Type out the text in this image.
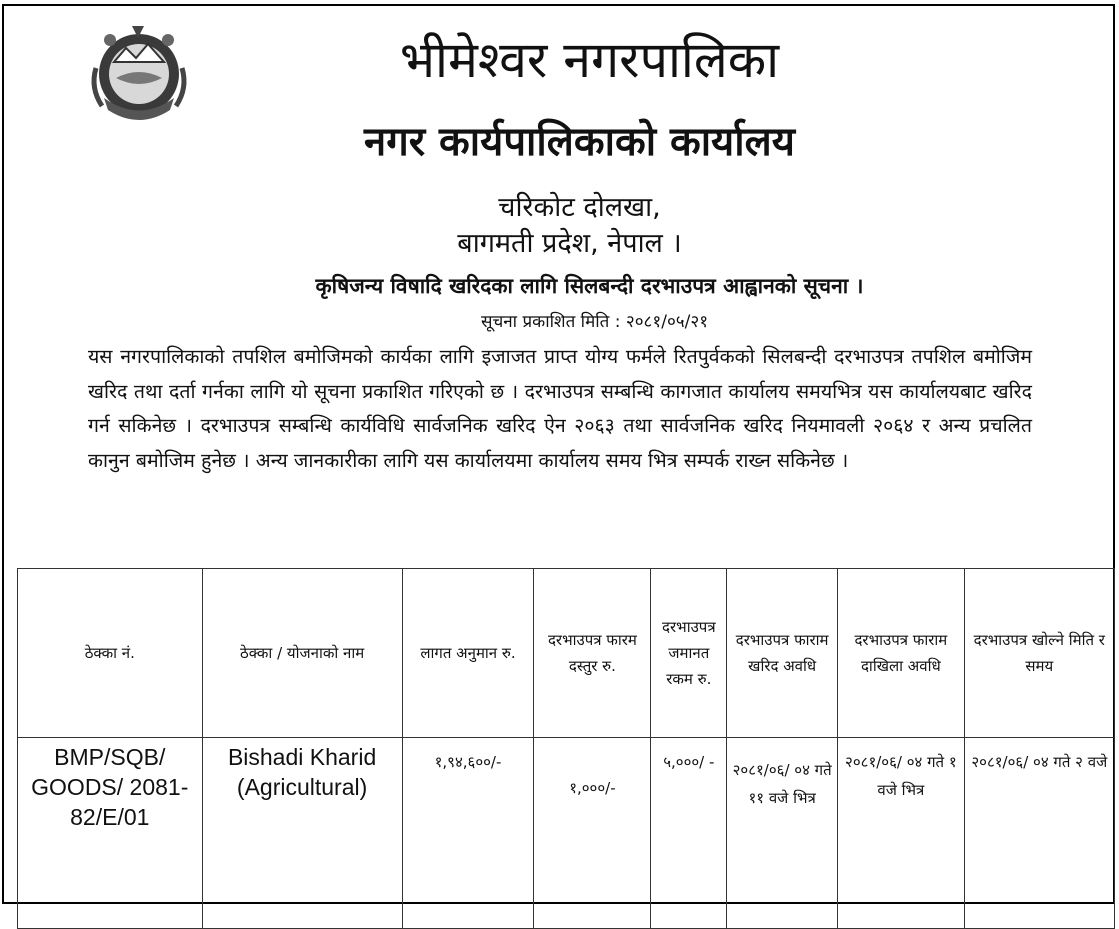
भीमेश्वर नगरपालिका
नगर कार्यपालिकाको कार्यालय
चरिकोट दोलखा,
बागमती प्रदेश, नेपाल ।
कृषिजन्य विषादि खरिदका लागि सिलबन्दी दरभाउपत्र आह्वानको सूचना ।
सूचना प्रकाशित मिति : २०८१/०५/२१

यस नगरपालिकाको तपशिल बमोजिमको कार्यका लागि इजाजत प्राप्त योग्य फर्मले रितपुर्वकको सिलबन्दी दरभाउपत्र तपशिल बमोजिम खरिद तथा दर्ता गर्नका लागि यो सूचना प्रकाशित गरिएको छ । दरभाउपत्र सम्बन्धि कागजात कार्यालय समयभित्र यस कार्यालयबाट खरिद गर्न सकिनेछ । दरभाउपत्र सम्बन्धि कार्यविधि सार्वजनिक खरिद ऐन २०६३ तथा सार्वजनिक खरिद नियमावली २०६४ र अन्य प्रचलित कानुन बमोजिम हुनेछ । अन्य जानकारीका लागि यस कार्यालयमा कार्यालय समय भित्र सम्पर्क राख्न सकिनेछ ।

ठेक्का नं.	ठेक्का / योजनाको नाम	लागत अनुमान रु.	दरभाउपत्र फारम दस्तुर रु.	दरभाउपत्र जमानत रकम रु.	दरभाउपत्र फाराम खरिद अवधि	दरभाउपत्र फाराम दाखिला अवधि	दरभाउपत्र खोल्ने मिति र समय
BMP/SQB/ GOODS/ 2081- 82/E/01	Bishadi Kharid (Agricultural)	१,९४,६००/-	१,०००/-	५,०००/ -	२०८१/०६/ ०४ गते ११ वजे भित्र	२०८१/०६/ ०४ गते १ वजे भित्र	२०८१/०६/ ०४ गते २ वजे
